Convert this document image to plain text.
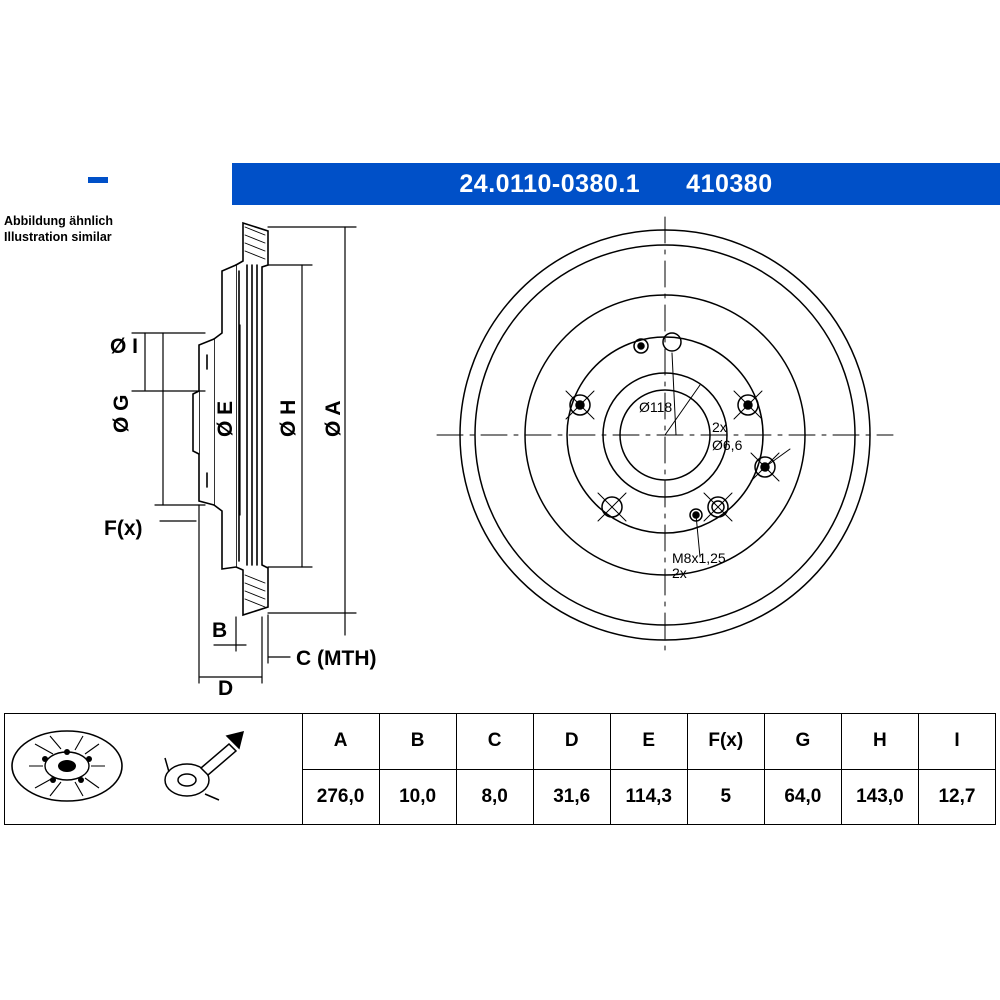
24.0110-0380.1 410380
Abbildung ähnlich
Illustration similar
Ø I
Ø G	Ø E Ø H Ø A
F(x)
B
C (MTH)
D
Ø118
2x
Ø6,6
M8x1,25
2x
	A	B	C	D	E	F(x)	G	H	I
	276,0	10,0	8,0	31,6	114,3	5	64,0	143,0	12,7
